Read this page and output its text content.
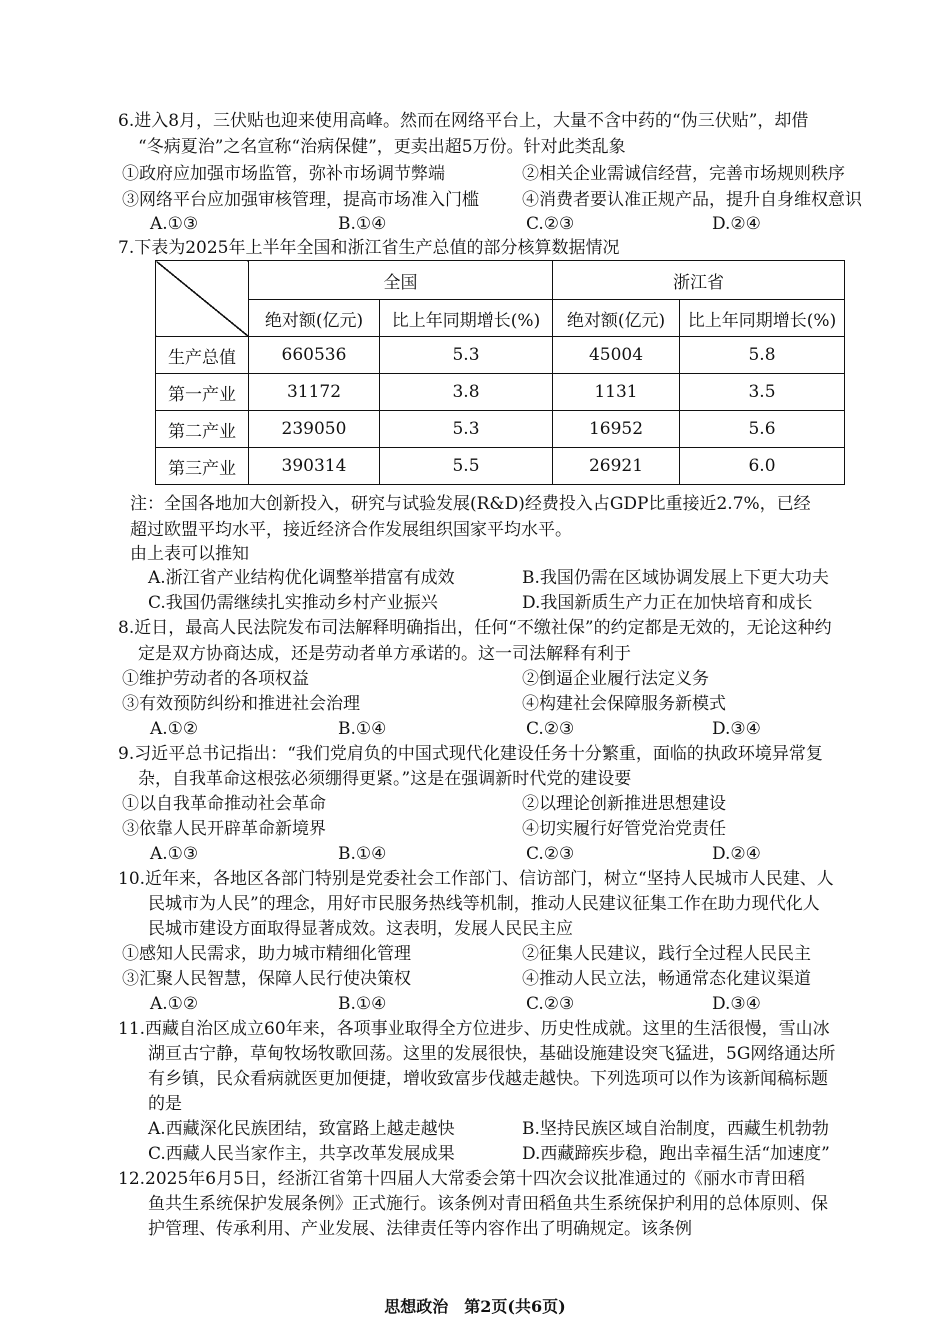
6.进入8月，三伏贴也迎来使用高峰。然而在网络平台上，大量不含中药的“伪三伏贴”，却借
“冬病夏治”之名宣称“治病保健”，更卖出超5万份。针对此类乱象
①政府应加强市场监管，弥补市场调节弊端	②相关企业需诚信经营，完善市场规则秩序
③网络平台应加强审核管理，提高市场准入门槛	④消费者要认准正规产品，提升自身维权意识
A.①③	B.①④	C.②③	D.②④
7.下表为2025年上半年全国和浙江省生产总值的部分核算数据情况
	全国		浙江省	
	绝对额(亿元)	比上年同期增长(%)	绝对额(亿元)	比上年同期增长(%)
生产总值	660536	5.3	45004	5.8
第一产业	31172	3.8	1131	3.5
第二产业	239050	5.3	16952	5.6
第三产业	390314	5.5	26921	6.0
注：全国各地加大创新投入，研究与试验发展(R&D)经费投入占GDP比重接近2.7%，已经
超过欧盟平均水平，接近经济合作发展组织国家平均水平。
由上表可以推知
A.浙江省产业结构优化调整举措富有成效	B.我国仍需在区域协调发展上下更大功夫
C.我国仍需继续扎实推动乡村产业振兴	D.我国新质生产力正在加快培育和成长
8.近日，最高人民法院发布司法解释明确指出，任何“不缴社保”的约定都是无效的，无论这种约
定是双方协商达成，还是劳动者单方承诺的。这一司法解释有利于
①维护劳动者的各项权益	②倒逼企业履行法定义务
③有效预防纠纷和推进社会治理	④构建社会保障服务新模式
A.①②	B.①④	C.②③	D.③④
9.习近平总书记指出：“我们党肩负的中国式现代化建设任务十分繁重，面临的执政环境异常复
杂，自我革命这根弦必须绷得更紧。”这是在强调新时代党的建设要
①以自我革命推动社会革命	②以理论创新推进思想建设
③依靠人民开辟革命新境界	④切实履行好管党治党责任
A.①③	B.①④	C.②③	D.②④
10.近年来，各地区各部门特别是党委社会工作部门、信访部门，树立“坚持人民城市人民建、人
民城市为人民”的理念，用好市民服务热线等机制，推动人民建议征集工作在助力现代化人
民城市建设方面取得显著成效。这表明，发展人民民主应
①感知人民需求，助力城市精细化管理	②征集人民建议，践行全过程人民民主
③汇聚人民智慧，保障人民行使决策权	④推动人民立法，畅通常态化建议渠道
A.①②	B.①④	C.②③	D.③④
11.西藏自治区成立60年来，各项事业取得全方位进步、历史性成就。这里的生活很慢，雪山冰
湖亘古宁静，草甸牧场牧歌回荡。这里的发展很快，基础设施建设突飞猛进，5G网络通达所
有乡镇，民众看病就医更加便捷，增收致富步伐越走越快。下列选项可以作为该新闻稿标题
的是
A.西藏深化民族团结，致富路上越走越快	B.坚持民族区域自治制度，西藏生机勃勃
C.西藏人民当家作主，共享改革发展成果	D.西藏蹄疾步稳，跑出幸福生活“加速度”
12.2025年6月5日，经浙江省第十四届人大常委会第十四次会议批准通过的《丽水市青田稻
鱼共生系统保护发展条例》正式施行。该条例对青田稻鱼共生系统保护利用的总体原则、保
护管理、传承利用、产业发展、法律责任等内容作出了明确规定。该条例
思想政治　第2页(共6页)
